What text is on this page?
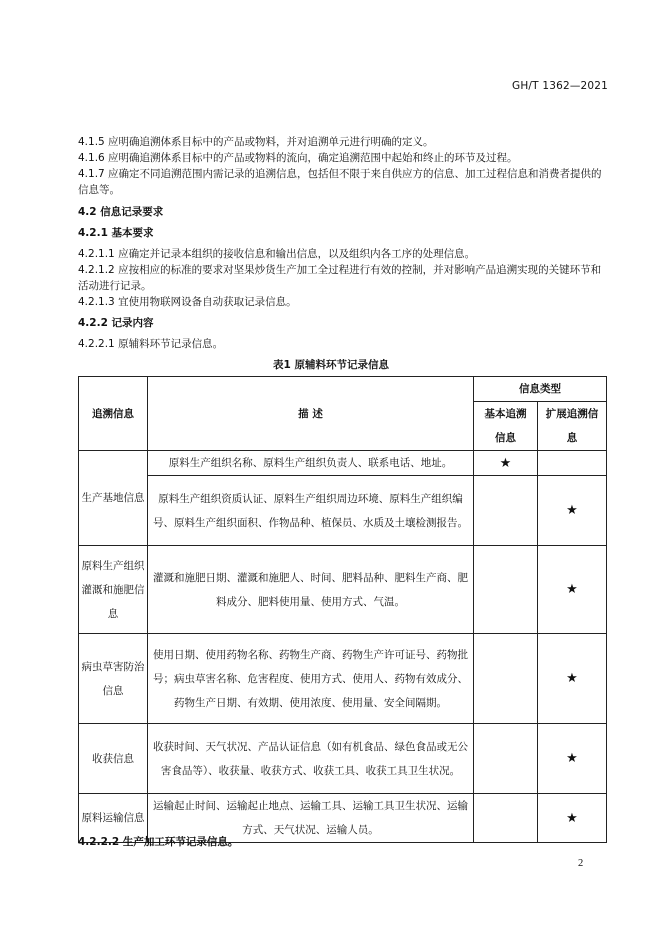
GH/T 1362—2021
4.1.5 应明确追溯体系目标中的产品或物料，并对追溯单元进行明确的定义。
4.1.6 应明确追溯体系目标中的产品或物料的流向，确定追溯范围中起始和终止的环节及过程。
4.1.7 应确定不同追溯范围内需记录的追溯信息，包括但不限于来自供应方的信息、加工过程信息和消费者提供的信息等。
4.2 信息记录要求
4.2.1 基本要求
4.2.1.1 应确定并记录本组织的接收信息和输出信息，以及组织内各工序的处理信息。
4.2.1.2 应按相应的标准的要求对坚果炒货生产加工全过程进行有效的控制，并对影响产品追溯实现的关键环节和活动进行记录。
4.2.1.3 宜使用物联网设备自动获取记录信息。
4.2.2 记录内容
4.2.2.1 原辅料环节记录信息。
表1 原辅料环节记录信息
追溯信息	描 述	信息类型	
		基本追溯信息	扩展追溯信息
生产基地信息	原料生产组织名称、原料生产组织负责人、联系电话、地址。	★	
	原料生产组织资质认证、原料生产组织周边环境、原料生产组织编号、原料生产组织面积、作物品种、植保员、水质及土壤检测报告。		★
原料生产组织灌溉和施肥信息	灌溉和施肥日期、灌溉和施肥人、时间、肥料品种、肥料生产商、肥料成分、肥料使用量、使用方式、气温。		★
病虫草害防治信息	使用日期、使用药物名称、药物生产商、药物生产许可证号、药物批号；病虫草害名称、危害程度、使用方式、使用人、药物有效成分、药物生产日期、有效期、使用浓度、使用量、安全间隔期。		★
收获信息	收获时间、天气状况、产品认证信息（如有机食品、绿色食品或无公害食品等）、收获量、收获方式、收获工具、收获工具卫生状况。		★
原料运输信息	运输起止时间、运输起止地点、运输工具、运输工具卫生状况、运输方式、天气状况、运输人员。		★
4.2.2.2 生产加工环节记录信息。
2
